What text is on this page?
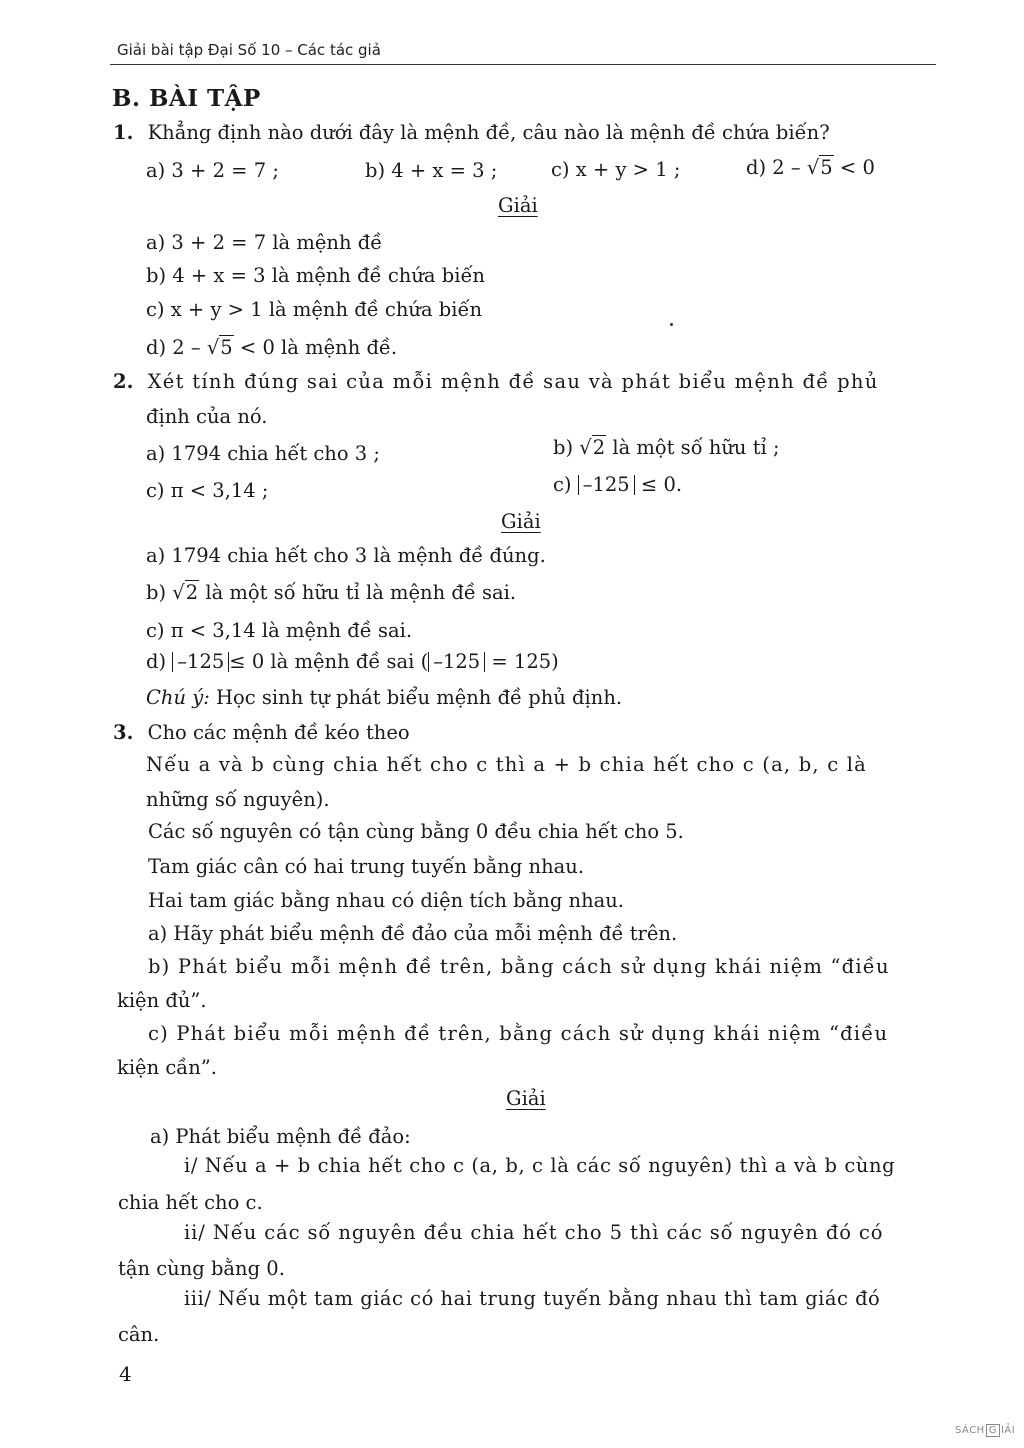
Giải bài tập Đại Số 10 – Các tác giả
B. BÀI TẬP
1. Khẳng định nào dưới đây là mệnh đề, câu nào là mệnh đề chứa biến?
a) 3 + 2 = 7 ;	b) 4 + x = 3 ;	c) x + y > 1 ;	d) 2 – √5 < 0
Giải
a) 3 + 2 = 7 là mệnh đề
b) 4 + x = 3 là mệnh đề chứa biến
c) x + y > 1 là mệnh đề chứa biến
d) 2 – √5 < 0 là mệnh đề.
2. Xét tính đúng sai của mỗi mệnh đề sau và phát biểu mệnh đề phủ
định của nó.
a) 1794 chia hết cho 3 ;	b) √2 là một số hữu tỉ ;
c) π < 3,14 ;	c) –125 ≤ 0.
Giải
a) 1794 chia hết cho 3 là mệnh đề đúng.
b) √2 là một số hữu tỉ là mệnh đề sai.
c) π < 3,14 là mệnh đề sai.
d) –125 ≤ 0 là mệnh đề sai ( –125 = 125)
Chú ý: Học sinh tự phát biểu mệnh đề phủ định.
3. Cho các mệnh đề kéo theo
Nếu a và b cùng chia hết cho c thì a + b chia hết cho c (a, b, c là
những số nguyên).
Các số nguyên có tận cùng bằng 0 đều chia hết cho 5.
Tam giác cân có hai trung tuyến bằng nhau.
Hai tam giác bằng nhau có diện tích bằng nhau.
a) Hãy phát biểu mệnh đề đảo của mỗi mệnh đề trên.
b) Phát biểu mỗi mệnh đề trên, bằng cách sử dụng khái niệm “điều
kiện đủ”.
c) Phát biểu mỗi mệnh đề trên, bằng cách sử dụng khái niệm “điều
kiện cần”.
Giải
a) Phát biểu mệnh đề đảo:
i/ Nếu a + b chia hết cho c (a, b, c là các số nguyên) thì a và b cùng
chia hết cho c.
ii/ Nếu các số nguyên đều chia hết cho 5 thì các số nguyên đó có
tận cùng bằng 0.
iii/ Nếu một tam giác có hai trung tuyến bằng nhau thì tam giác đó
cân.
4
SÁCH G IẢI
